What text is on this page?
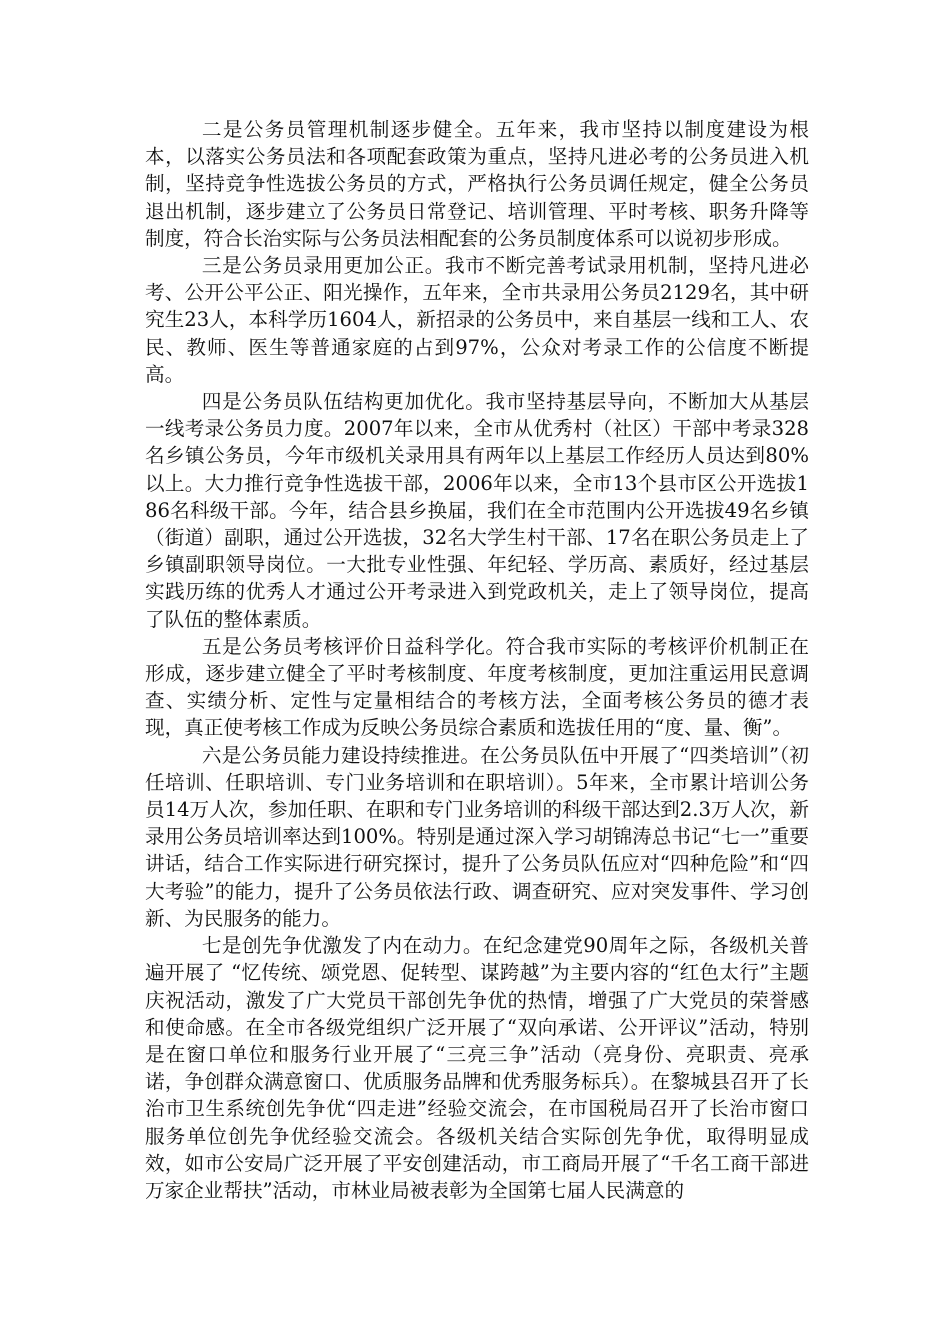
二是公务员管理机制逐步健全。五年来，我市坚持以制度建设为根本，以落实公务员法和各项配套政策为重点，坚持凡进必考的公务员进入机制，坚持竞争性选拔公务员的方式，严格执行公务员调任规定，健全公务员退出机制，逐步建立了公务员日常登记、培训管理、平时考核、职务升降等制度，符合长治实际与公务员法相配套的公务员制度体系可以说初步形成。

三是公务员录用更加公正。我市不断完善考试录用机制，坚持凡进必考、公开公平公正、阳光操作，五年来，全市共录用公务员2129名，其中研究生23人，本科学历1604人，新招录的公务员中，来自基层一线和工人、农民、教师、医生等普通家庭的占到97%，公众对考录工作的公信度不断提高。

四是公务员队伍结构更加优化。我市坚持基层导向，不断加大从基层一线考录公务员力度。2007年以来，全市从优秀村（社区）干部中考录328名乡镇公务员，今年市级机关录用具有两年以上基层工作经历人员达到80%以上。大力推行竞争性选拔干部，2006年以来，全市13个县市区公开选拔186名科级干部。今年，结合县乡换届，我们在全市范围内公开选拔49名乡镇（街道）副职，通过公开选拔，32名大学生村干部、17名在职公务员走上了乡镇副职领导岗位。一大批专业性强、年纪轻、学历高、素质好，经过基层实践历练的优秀人才通过公开考录进入到党政机关，走上了领导岗位，提高了队伍的整体素质。

五是公务员考核评价日益科学化。符合我市实际的考核评价机制正在形成，逐步建立健全了平时考核制度、年度考核制度，更加注重运用民意调查、实绩分析、定性与定量相结合的考核方法，全面考核公务员的德才表现，真正使考核工作成为反映公务员综合素质和选拔任用的“度、量、衡”。

六是公务员能力建设持续推进。在公务员队伍中开展了“四类培训”（初任培训、任职培训、专门业务培训和在职培训）。5年来，全市累计培训公务员14万人次，参加任职、在职和专门业务培训的科级干部达到2.3万人次，新录用公务员培训率达到100%。特别是通过深入学习胡锦涛总书记“七一”重要讲话，结合工作实际进行研究探讨，提升了公务员队伍应对“四种危险”和“四大考验”的能力，提升了公务员依法行政、调查研究、应对突发事件、学习创新、为民服务的能力。

七是创先争优激发了内在动力。在纪念建党90周年之际，各级机关普遍开展了 “忆传统、颂党恩、促转型、谋跨越”为主要内容的“红色太行”主题庆祝活动，激发了广大党员干部创先争优的热情，增强了广大党员的荣誉感和使命感。在全市各级党组织广泛开展了“双向承诺、公开评议”活动，特别是在窗口单位和服务行业开展了“三亮三争”活动（亮身份、亮职责、亮承诺，争创群众满意窗口、优质服务品牌和优秀服务标兵）。在黎城县召开了长治市卫生系统创先争优“四走进”经验交流会，在市国税局召开了长治市窗口服务单位创先争优经验交流会。各级机关结合实际创先争优，取得明显成效，如市公安局广泛开展了平安创建活动，市工商局开展了“千名工商干部进万家企业帮扶”活动，市林业局被表彰为全国第七届人民满意的
